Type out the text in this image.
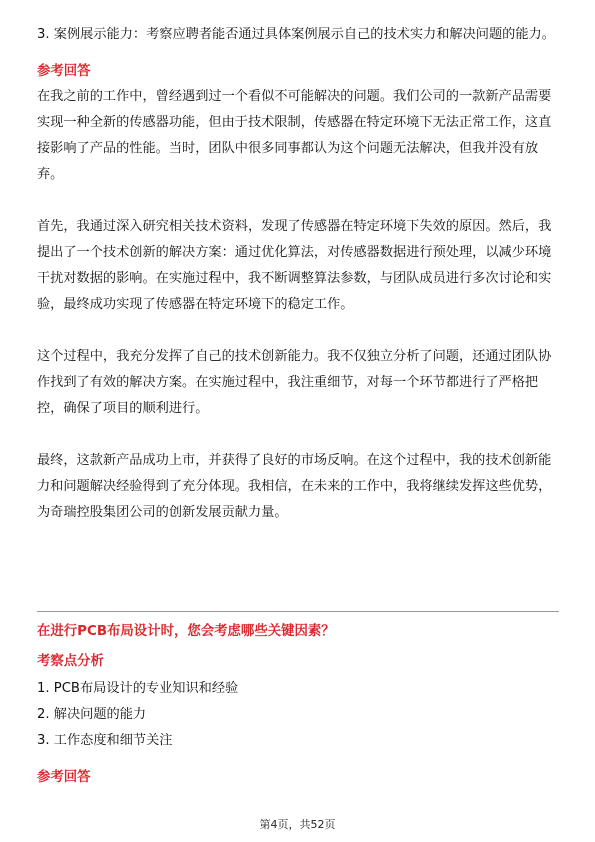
3. 案例展示能力：考察应聘者能否通过具体案例展示自己的技术实力和解决问题的能力。

参考回答

在我之前的工作中，曾经遇到过一个看似不可能解决的问题。我们公司的一款新产品需要实现一种全新的传感器功能，但由于技术限制，传感器在特定环境下无法正常工作，这直接影响了产品的性能。当时，团队中很多同事都认为这个问题无法解决，但我并没有放弃。

首先，我通过深入研究相关技术资料，发现了传感器在特定环境下失效的原因。然后，我提出了一个技术创新的解决方案：通过优化算法，对传感器数据进行预处理，以减少环境干扰对数据的影响。在实施过程中，我不断调整算法参数，与团队成员进行多次讨论和实验，最终成功实现了传感器在特定环境下的稳定工作。

这个过程中，我充分发挥了自己的技术创新能力。我不仅独立分析了问题，还通过团队协作找到了有效的解决方案。在实施过程中，我注重细节，对每一个环节都进行了严格把控，确保了项目的顺利进行。

最终，这款新产品成功上市，并获得了良好的市场反响。在这个过程中，我的技术创新能力和问题解决经验得到了充分体现。我相信，在未来的工作中，我将继续发挥这些优势，为奇瑞控股集团公司的创新发展贡献力量。

在进行PCB布局设计时，您会考虑哪些关键因素？

考察点分析

1. PCB布局设计的专业知识和经验

2. 解决问题的能力

3. 工作态度和细节关注

参考回答

第4页，共52页
